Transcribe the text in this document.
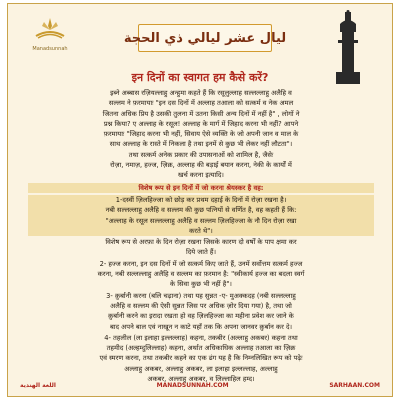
Manadsunnah
ليال عشر ليالي ذي الحجة
इन दिनों का स्वागत हम कैसे करें?

इब्ने अब्बास रज़ियल्लाहु अन्हुमा कहते हैं कि रसूलुल्लाह सल्लल्लाहु अलैहि व
सल्लम ने फ़रमायाः "इन दस दिनों में अल्लाह तआला को सत्कर्म व नेक अमल
जितना अधिक प्रिय है उसकी तुलना में उतना किसी अन्य दिनों में नहीं है" , लोगों ने
प्रश्न किया? ए अल्लाह के रसूल! अल्लाह के मार्ग में जिहाद करना भी नहीं? आपने
फ़रमायाः "जिहाद करना भी नहीं, सिवाय ऐसे व्यक्ति के जो अपनी जान व माल के
साथ अल्लाह के रास्ते में निकला है तथा इनमें से कुछ भी लेकर नहीं लौटता"।
तथा सत्कर्म अनेक प्रकार की उपासनाओं को शामिल है, जैसेः
रोज़ा, नमाज़, हज्ज, ज़िक्र, अल्लाह की बड़ाई बयान करना, नेकी के कार्यों में
खर्च करना इत्यादि।

विशेष रूप से इन दिनों में जो करना श्रेयस्कर है वह:

1-दस्वीं ज़िलहिज्जा को छोड़ कर प्रथम दहाई के दिनों में रोज़ा रखना है।
नबी सल्लल्लाहु अलैहि व सल्लम की कुछ पत्नियों से वर्णित है, वह कहती हैं कि:
"अल्लाह के रसूल सल्लल्लाहु अलैहि व सल्लम ज़िलहिज्जा के नौ दिन रोज़ा रखा
करते थे"।

विशेष रूप से अरफ़ा के दिन रोज़ा रखना जिसके कारण दो वर्षों के पाप क्षमा कर
दिये जाते हैं।

2- हज्ज करना, इन दस दिनों में जो सत्कर्म किए जाते हैं, उनमें सर्वोत्तम सत्कर्म हज्ज
करना, नबी सल्लल्लाहु अलैहि व सल्लम का फ़रमान है: "स्वीकार्य हज्ज का बदला स्वर्ग
के सिवा कुछ भी नहीं है"।

3- क़ुर्बानी करना (बलि चढ़ाना) तथा यह सुन्नत -ए- मुअक्कदह (नबी सल्लल्लाहु
अलैहि व सल्लम की ऐसी सुन्नत जिस पर अधिक ज़ोर दिया गया) है, तथा जो
क़ुर्बानी करने का इरादा रखता हो वह ज़िलहिज्जा का महीना प्रवेश कर जाने के
बाद अपने बाल एवं नाखून न काटे यहाँ तक कि अपना जानवर क़ुर्बान कर दे।

4- तहलील (ला इलाहा इल्लल्लाह) कहना, तकबीर (अल्लाहु अकबर) कहना तथा
तहमीद (अल्हम्दुलिल्लाह) कहना, अर्थात अधिकाधिक अल्लाह तआला का ज़िक्र
एवं स्मरण करना, तथा तकबीर कहने का एक ढंग यह है कि निम्नलिखित रूप को पढ़ेः
अल्लाहु अकबर, अल्लाहु अकबर, ला इलाहा इल्लल्लाह, अल्लाहु
अकबर, अल्लाहु अकबर, व लिल्लाहिल हम्द।

اللغة الهندية	MANADSUNNAH.COM	SARHAAN.COM
